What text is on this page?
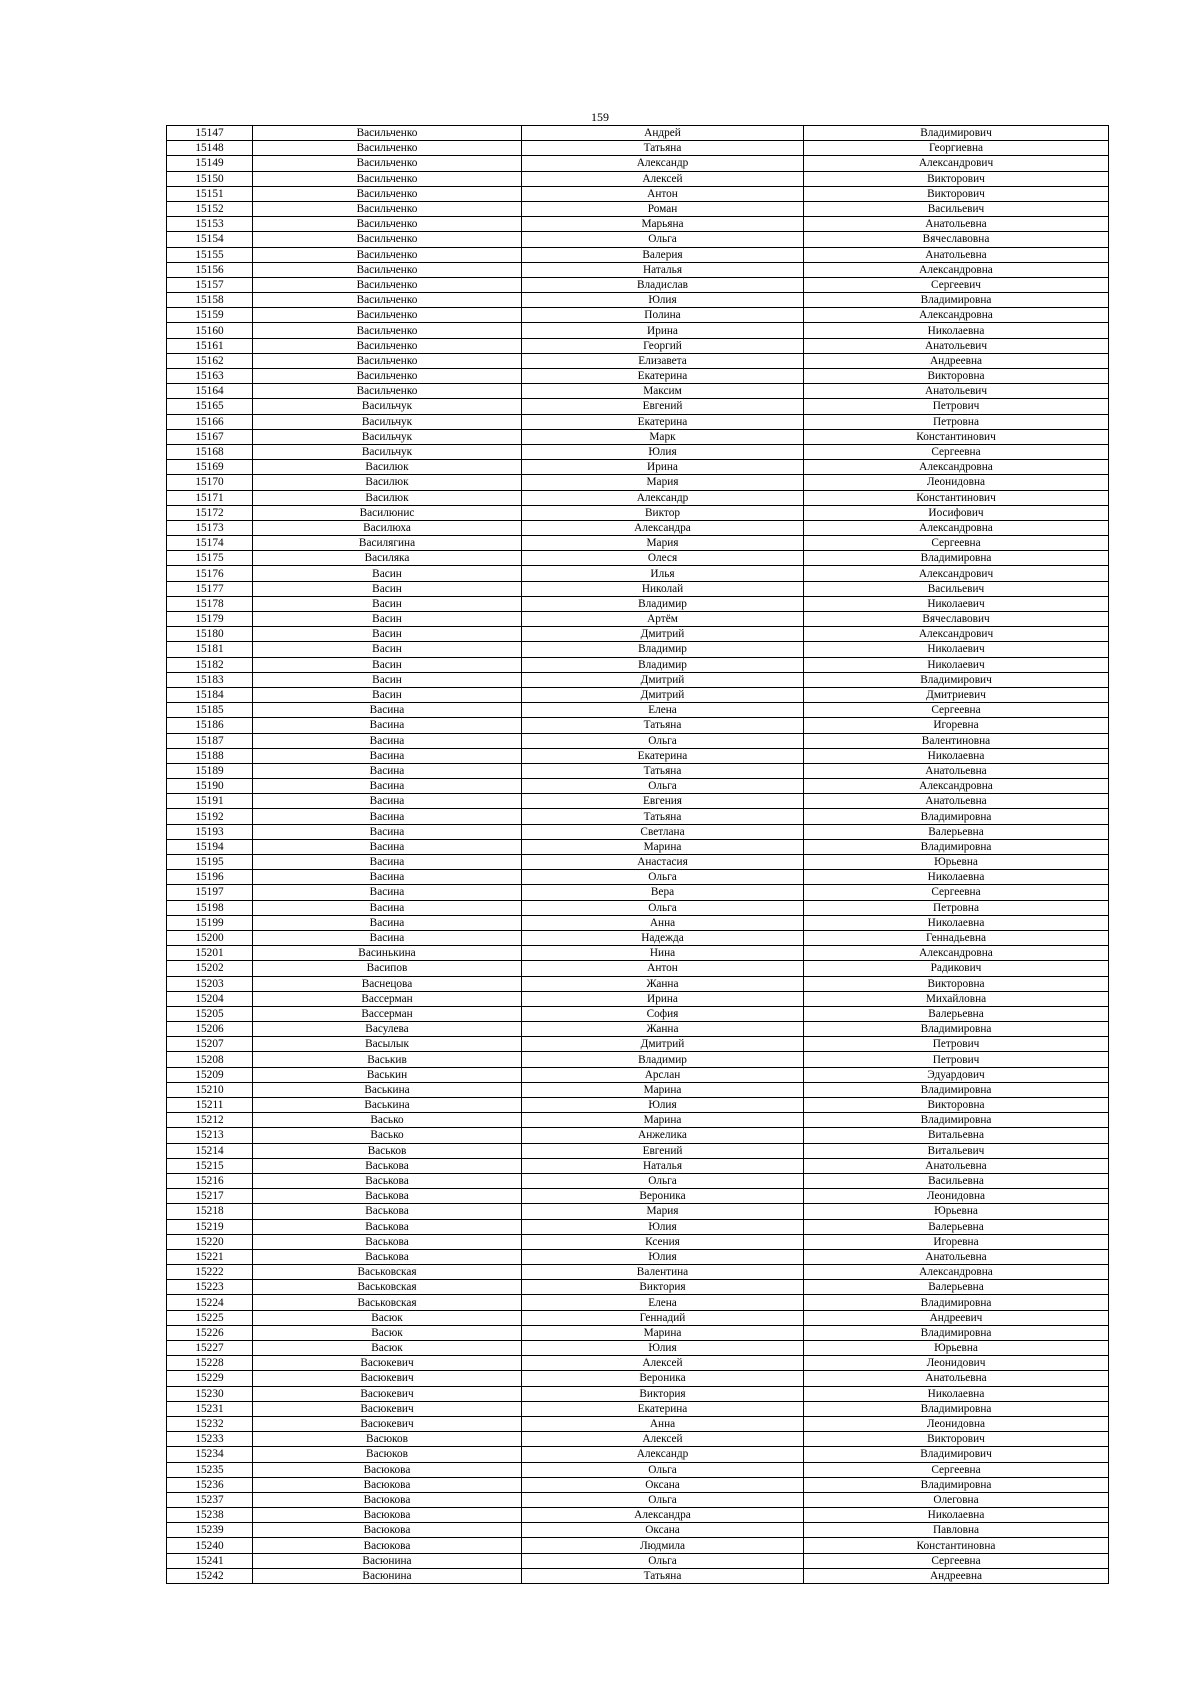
159
15147	Васильченко	Андрей	Владимирович
15148	Васильченко	Татьяна	Георгиевна
15149	Васильченко	Александр	Александрович
15150	Васильченко	Алексей	Викторович
15151	Васильченко	Антон	Викторович
15152	Васильченко	Роман	Васильевич
15153	Васильченко	Марьяна	Анатольевна
15154	Васильченко	Ольга	Вячеславовна
15155	Васильченко	Валерия	Анатольевна
15156	Васильченко	Наталья	Александровна
15157	Васильченко	Владислав	Сергеевич
15158	Васильченко	Юлия	Владимировна
15159	Васильченко	Полина	Александровна
15160	Васильченко	Ирина	Николаевна
15161	Васильченко	Георгий	Анатольевич
15162	Васильченко	Елизавета	Андреевна
15163	Васильченко	Екатерина	Викторовна
15164	Васильченко	Максим	Анатольевич
15165	Васильчук	Евгений	Петрович
15166	Васильчук	Екатерина	Петровна
15167	Васильчук	Марк	Константинович
15168	Васильчук	Юлия	Сергеевна
15169	Василюк	Ирина	Александровна
15170	Василюк	Мария	Леонидовна
15171	Василюк	Александр	Константинович
15172	Василюнис	Виктор	Иосифович
15173	Василюха	Александра	Александровна
15174	Василягина	Мария	Сергеевна
15175	Василяка	Олеся	Владимировна
15176	Васин	Илья	Александрович
15177	Васин	Николай	Васильевич
15178	Васин	Владимир	Николаевич
15179	Васин	Артём	Вячеславович
15180	Васин	Дмитрий	Александрович
15181	Васин	Владимир	Николаевич
15182	Васин	Владимир	Николаевич
15183	Васин	Дмитрий	Владимирович
15184	Васин	Дмитрий	Дмитриевич
15185	Васина	Елена	Сергеевна
15186	Васина	Татьяна	Игоревна
15187	Васина	Ольга	Валентиновна
15188	Васина	Екатерина	Николаевна
15189	Васина	Татьяна	Анатольевна
15190	Васина	Ольга	Александровна
15191	Васина	Евгения	Анатольевна
15192	Васина	Татьяна	Владимировна
15193	Васина	Светлана	Валерьевна
15194	Васина	Марина	Владимировна
15195	Васина	Анастасия	Юрьевна
15196	Васина	Ольга	Николаевна
15197	Васина	Вера	Сергеевна
15198	Васина	Ольга	Петровна
15199	Васина	Анна	Николаевна
15200	Васина	Надежда	Геннадьевна
15201	Васинькина	Нина	Александровна
15202	Васипов	Антон	Радикович
15203	Васнецова	Жанна	Викторовна
15204	Вассерман	Ирина	Михайловна
15205	Вассерман	София	Валерьевна
15206	Васулева	Жанна	Владимировна
15207	Васылык	Дмитрий	Петрович
15208	Васькив	Владимир	Петрович
15209	Васькин	Арслан	Эдуардович
15210	Васькина	Марина	Владимировна
15211	Васькина	Юлия	Викторовна
15212	Васько	Марина	Владимировна
15213	Васько	Анжелика	Витальевна
15214	Васьков	Евгений	Витальевич
15215	Васькова	Наталья	Анатольевна
15216	Васькова	Ольга	Васильевна
15217	Васькова	Вероника	Леонидовна
15218	Васькова	Мария	Юрьевна
15219	Васькова	Юлия	Валерьевна
15220	Васькова	Ксения	Игоревна
15221	Васькова	Юлия	Анатольевна
15222	Васьковская	Валентина	Александровна
15223	Васьковская	Виктория	Валерьевна
15224	Васьковская	Елена	Владимировна
15225	Васюк	Геннадий	Андреевич
15226	Васюк	Марина	Владимировна
15227	Васюк	Юлия	Юрьевна
15228	Васюкевич	Алексей	Леонидович
15229	Васюкевич	Вероника	Анатольевна
15230	Васюкевич	Виктория	Николаевна
15231	Васюкевич	Екатерина	Владимировна
15232	Васюкевич	Анна	Леонидовна
15233	Васюков	Алексей	Викторович
15234	Васюков	Александр	Владимирович
15235	Васюкова	Ольга	Сергеевна
15236	Васюкова	Оксана	Владимировна
15237	Васюкова	Ольга	Олеговна
15238	Васюкова	Александра	Николаевна
15239	Васюкова	Оксана	Павловна
15240	Васюкова	Людмила	Константиновна
15241	Васюнина	Ольга	Сергеевна
15242	Васюнина	Татьяна	Андреевна
